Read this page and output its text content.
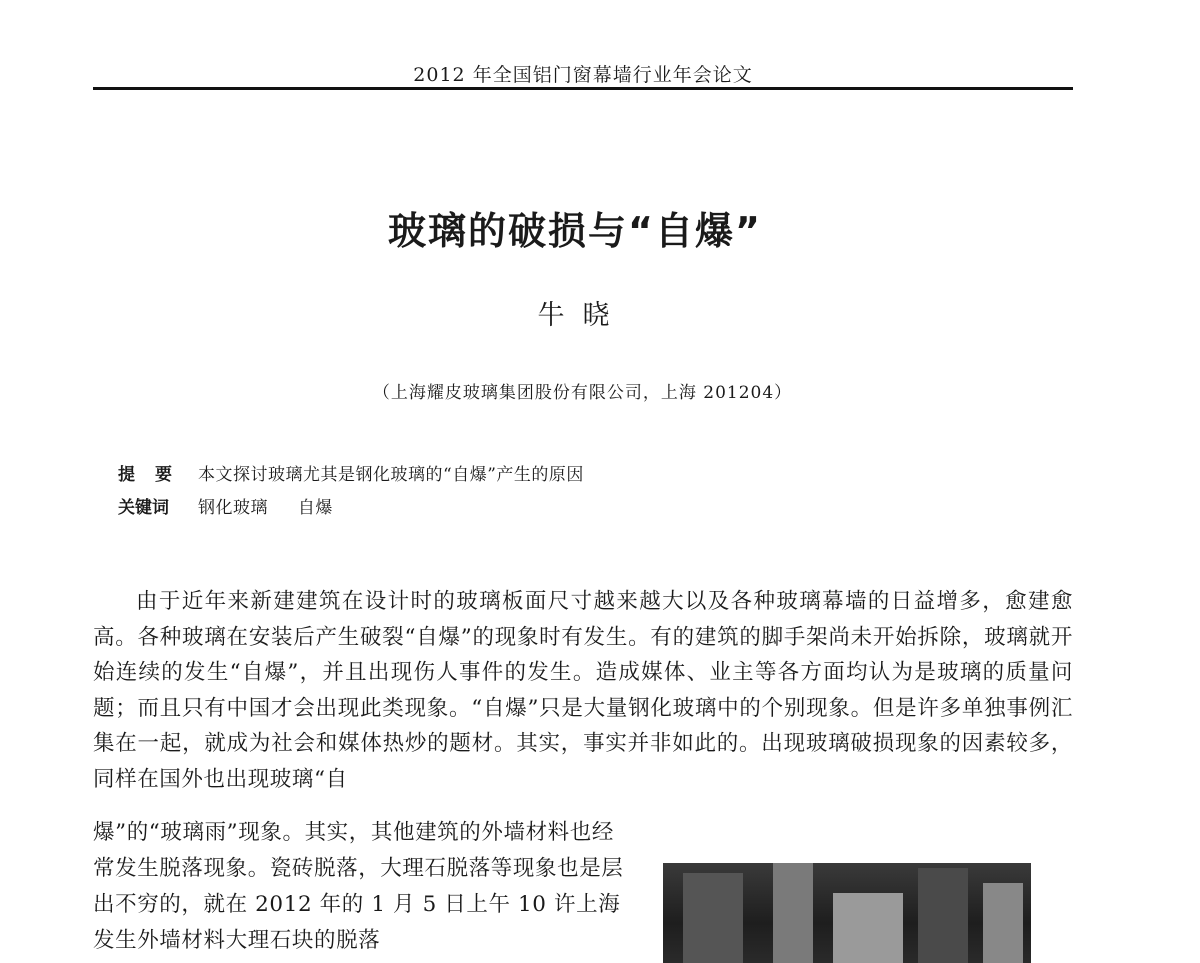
2012 年全国铝门窗幕墙行业年会论文
玻璃的破损与“自爆”
牛晓
（上海耀皮玻璃集团股份有限公司，上海 201204）
提要 本文探讨玻璃尤其是钢化玻璃的“自爆”产生的原因
关键词	钢化玻璃 自爆

由于近年来新建建筑在设计时的玻璃板面尺寸越来越大以及各种玻璃幕墙的日益增多，愈建愈高。各种玻璃在安装后产生破裂“自爆”的现象时有发生。有的建筑的脚手架尚未开始拆除，玻璃就开始连续的发生“自爆”，并且出现伤人事件的发生。造成媒体、业主等各方面均认为是玻璃的质量问题；而且只有中国才会出现此类现象。“自爆”只是大量钢化玻璃中的个别现象。但是许多单独事例汇集在一起，就成为社会和媒体热炒的题材。其实，事实并非如此的。出现玻璃破损现象的因素较多，同样在国外也出现玻璃“自

爆”的“玻璃雨”现象。其实，其他建筑的外墙材料也经常发生脱落现象。瓷砖脱落，大理石脱落等现象也是层出不穷的，就在 2012 年的 1 月 5 日上午 10 许上海发生外墙材料大理石块的脱落
